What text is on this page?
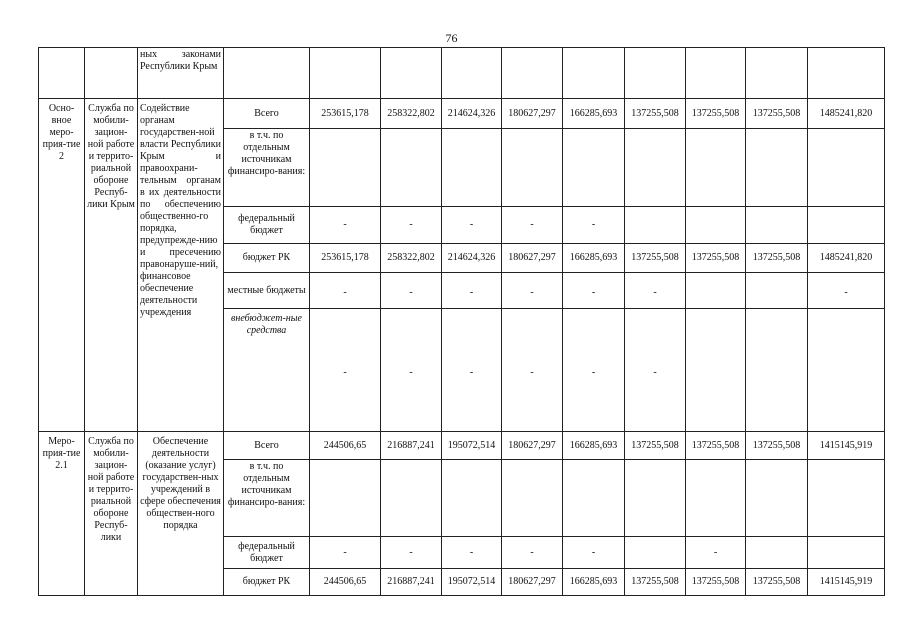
76
		ных законами Республики Крым										
Осно-вное меро-прия-тие 2	Служба по мобили-зацион-ной работе и террито-риальной обороне Респуб-лики Крым	Содействие органам государствен-ной власти Республики Крым и правоохрани-тельным органам в их деятельности по обеспечению общественно-го порядка, предупрежде-нию и пресечению правонаруше-ний, финансовое обеспечение деятельности учреждения	Всего	253615,178	258322,802	214624,326	180627,297	166285,693	137255,508	137255,508	137255,508	1485241,820
			в т.ч. по отдельным источникам финансиро-вания:									
			федеральный бюджет	-	-	-	-	-				
			бюджет РК	253615,178	258322,802	214624,326	180627,297	166285,693	137255,508	137255,508	137255,508	1485241,820
			местные бюджеты	-	-	-	-	-	-			-
			внебюджет-ные средства	-	-	-	-	-	-			
Меро-прия-тие 2.1	Служба по мобили-зацион-ной работе и террито-риальной обороне Респуб-лики	Обеспечение деятельности (оказание услуг) государствен-ных учреждений в сфере обеспечения обществен-ного порядка	Всего	244506,65	216887,241	195072,514	180627,297	166285,693	137255,508	137255,508	137255,508	1415145,919
			в т.ч. по отдельным источникам финансиро-вания:									
			федеральный бюджет	-	-	-	-	-		-		
			бюджет РК	244506,65	216887,241	195072,514	180627,297	166285,693	137255,508	137255,508	137255,508	1415145,919
